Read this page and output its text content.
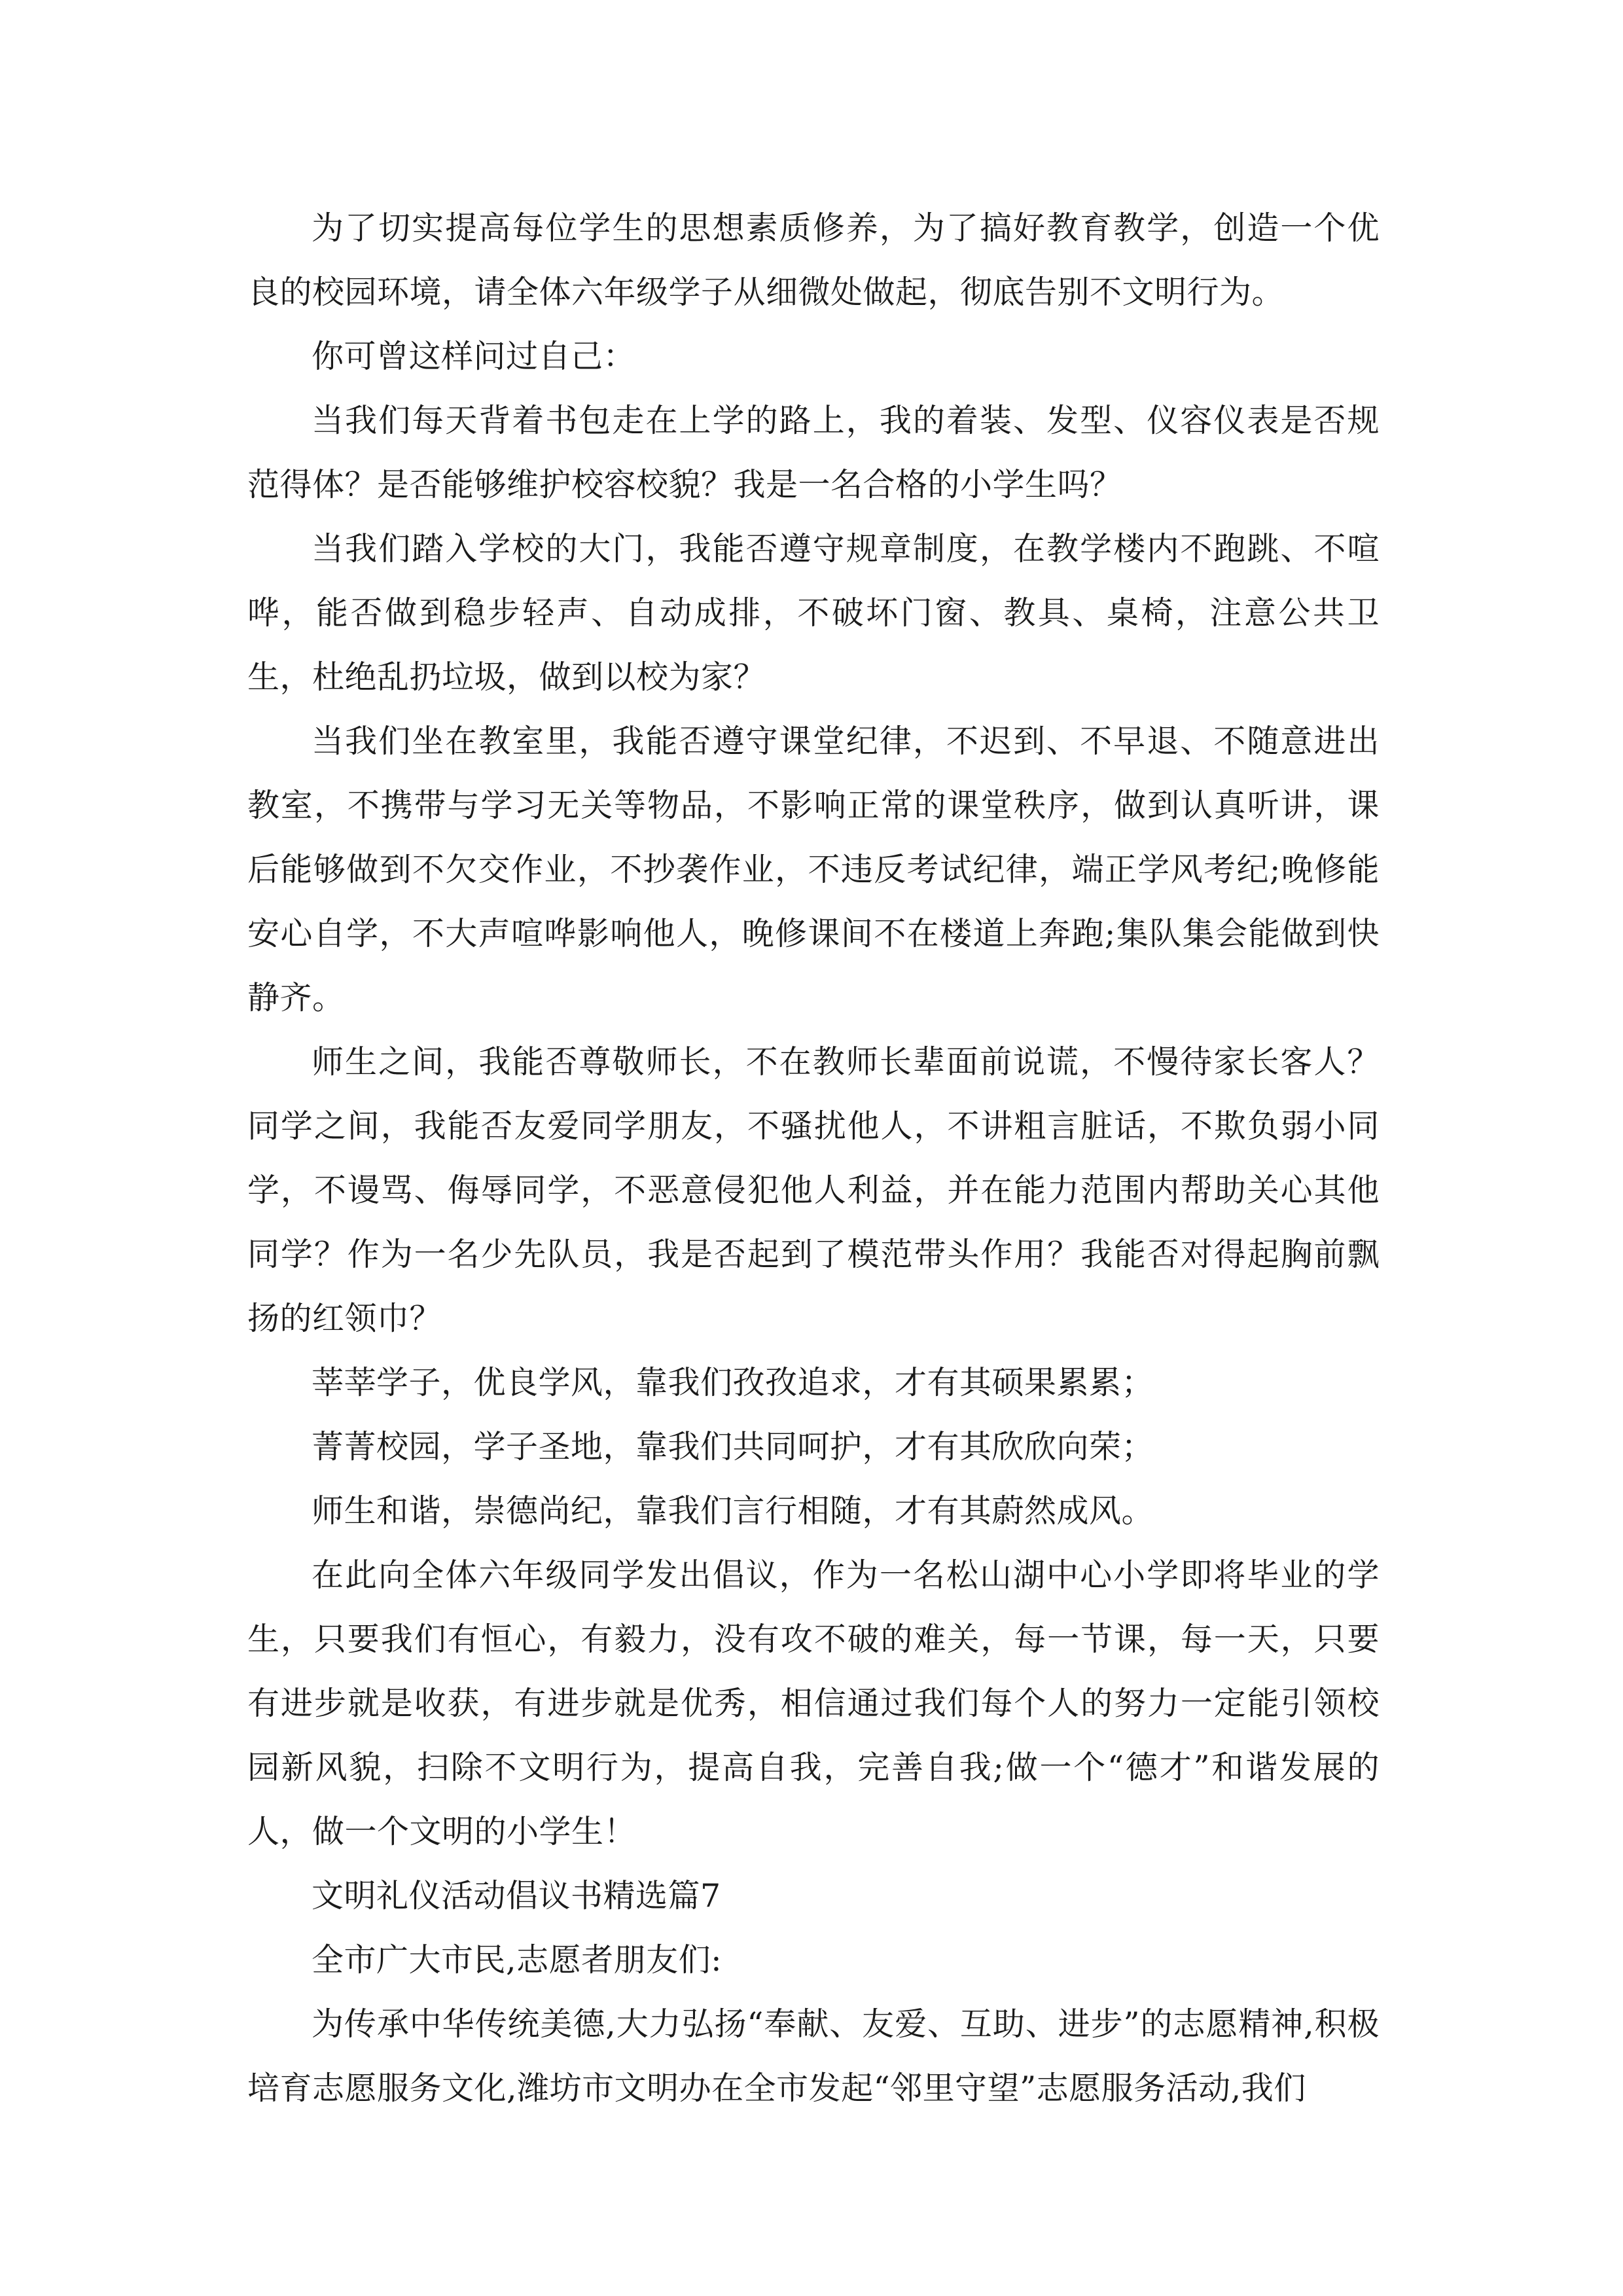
为了切实提高每位学生的思想素质修养，为了搞好教育教学，创造一个优良的校园环境，请全体六年级学子从细微处做起，彻底告别不文明行为。

你可曾这样问过自己：

当我们每天背着书包走在上学的路上，我的着装、发型、仪容仪表是否规范得体？是否能够维护校容校貌？我是一名合格的小学生吗？

当我们踏入学校的大门，我能否遵守规章制度，在教学楼内不跑跳、不喧哗，能否做到稳步轻声、自动成排，不破坏门窗、教具、桌椅，注意公共卫生，杜绝乱扔垃圾，做到以校为家？

当我们坐在教室里，我能否遵守课堂纪律，不迟到、不早退、不随意进出教室，不携带与学习无关等物品，不影响正常的课堂秩序，做到认真听讲，课后能够做到不欠交作业，不抄袭作业，不违反考试纪律，端正学风考纪;晚修能安心自学，不大声喧哗影响他人，晚修课间不在楼道上奔跑;集队集会能做到快静齐。

师生之间，我能否尊敬师长，不在教师长辈面前说谎，不慢待家长客人？同学之间，我能否友爱同学朋友，不骚扰他人，不讲粗言脏话，不欺负弱小同学，不谩骂、侮辱同学，不恶意侵犯他人利益，并在能力范围内帮助关心其他同学？作为一名少先队员，我是否起到了模范带头作用？我能否对得起胸前飘扬的红领巾？

莘莘学子，优良学风，靠我们孜孜追求，才有其硕果累累；

菁菁校园，学子圣地，靠我们共同呵护，才有其欣欣向荣；

师生和谐，崇德尚纪，靠我们言行相随，才有其蔚然成风。

在此向全体六年级同学发出倡议，作为一名松山湖中心小学即将毕业的学生，只要我们有恒心，有毅力，没有攻不破的难关，每一节课，每一天，只要有进步就是收获，有进步就是优秀，相信通过我们每个人的努力一定能引领校园新风貌，扫除不文明行为，提高自我，完善自我;做一个“德才”和谐发展的人，做一个文明的小学生！

文明礼仪活动倡议书精选篇7

全市广大市民,志愿者朋友们:

为传承中华传统美德,大力弘扬“奉献、友爱、互助、进步”的志愿精神,积极培育志愿服务文化,潍坊市文明办在全市发起“邻里守望”志愿服务活动,我们
